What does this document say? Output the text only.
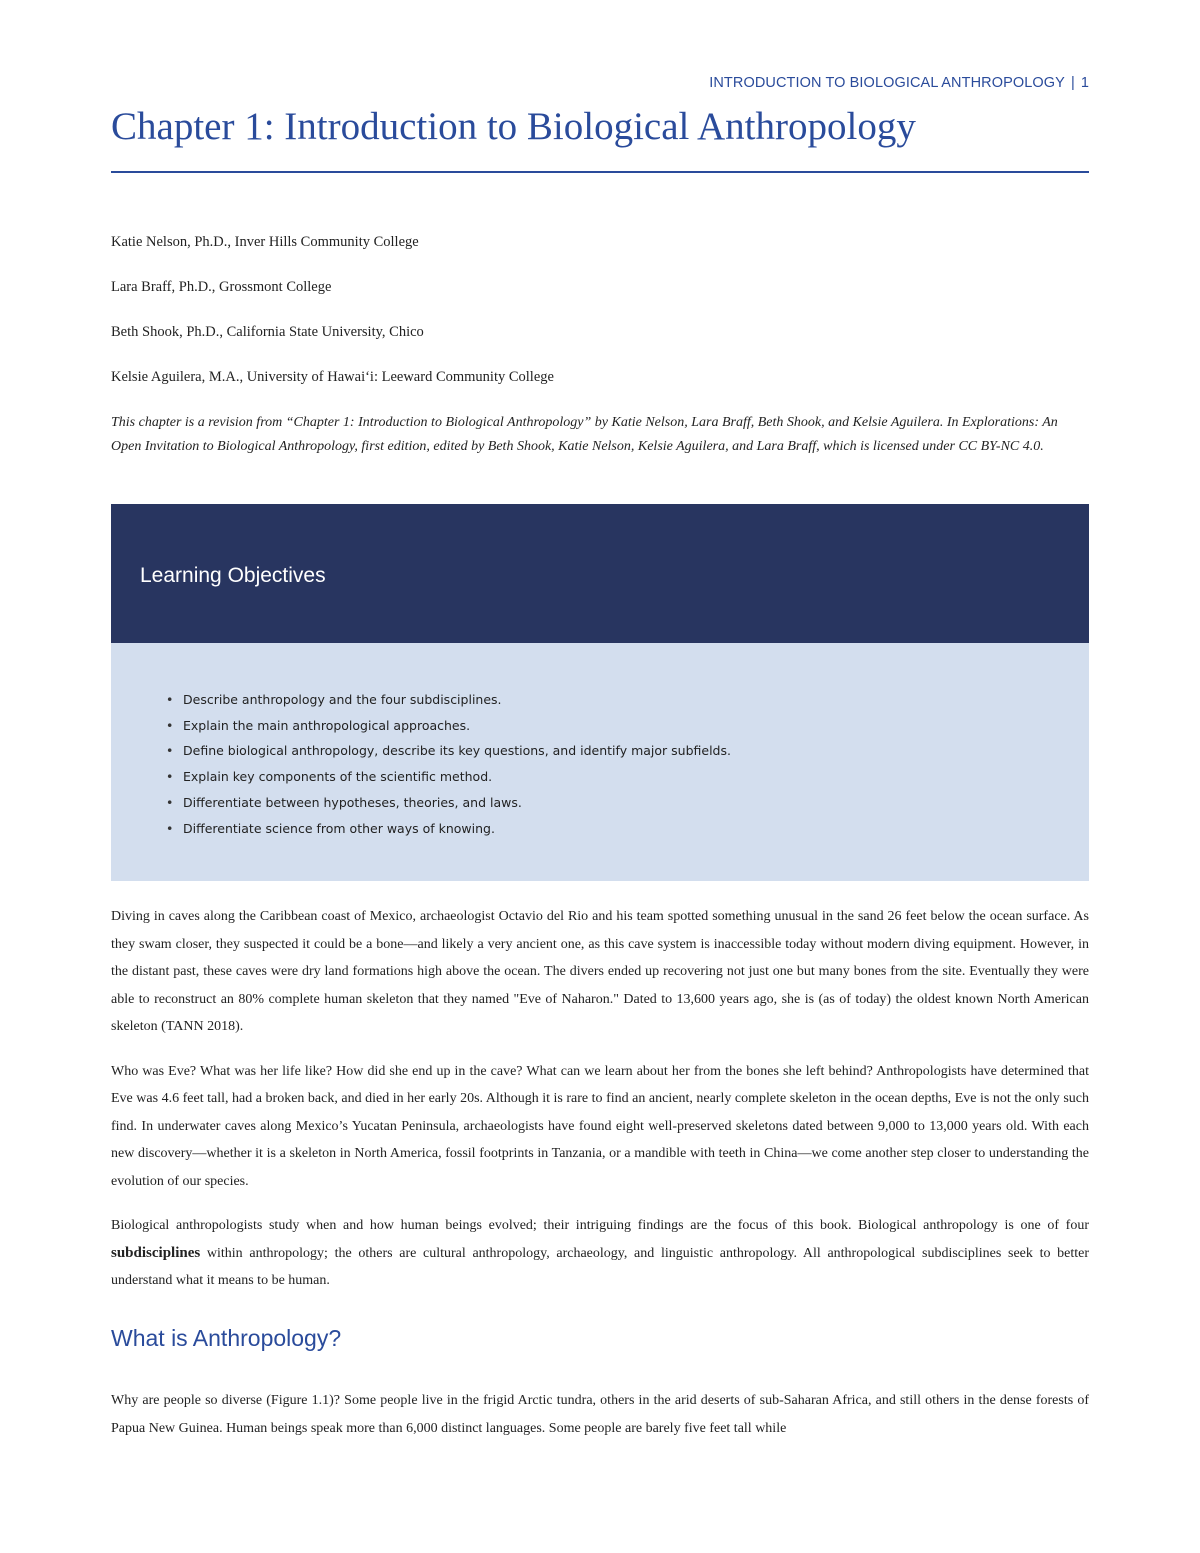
INTRODUCTION TO BIOLOGICAL ANTHROPOLOGY | 1
Chapter 1: Introduction to Biological Anthropology

Katie Nelson, Ph.D., Inver Hills Community College

Lara Braff, Ph.D., Grossmont College

Beth Shook, Ph.D., California State University, Chico

Kelsie Aguilera, M.A., University of Hawai‘i: Leeward Community College

This chapter is a revision from “Chapter 1: Introduction to Biological Anthropology” by Katie Nelson, Lara Braff, Beth Shook, and Kelsie Aguilera. In Explorations: An Open Invitation to Biological Anthropology, first edition, edited by Beth Shook, Katie Nelson, Kelsie Aguilera, and Lara Braff, which is licensed under CC BY-NC 4.0.

Learning Objectives
• Describe anthropology and the four subdisciplines.
• Explain the main anthropological approaches.
• Define biological anthropology, describe its key questions, and identify major subfields.
• Explain key components of the scientific method.
• Differentiate between hypotheses, theories, and laws.
• Differentiate science from other ways of knowing.

Diving in caves along the Caribbean coast of Mexico, archaeologist Octavio del Rio and his team spotted something unusual in the sand 26 feet below the ocean surface. As they swam closer, they suspected it could be a bone—and likely a very ancient one, as this cave system is inaccessible today without modern diving equipment. However, in the distant past, these caves were dry land formations high above the ocean. The divers ended up recovering not just one but many bones from the site. Eventually they were able to reconstruct an 80% complete human skeleton that they named "Eve of Naharon." Dated to 13,600 years ago, she is (as of today) the oldest known North American skeleton (TANN 2018).

Who was Eve? What was her life like? How did she end up in the cave? What can we learn about her from the bones she left behind? Anthropologists have determined that Eve was 4.6 feet tall, had a broken back, and died in her early 20s. Although it is rare to find an ancient, nearly complete skeleton in the ocean depths, Eve is not the only such find. In underwater caves along Mexico’s Yucatan Peninsula, archaeologists have found eight well-preserved skeletons dated between 9,000 to 13,000 years old. With each new discovery—whether it is a skeleton in North America, fossil footprints in Tanzania, or a mandible with teeth in China—we come another step closer to understanding the evolution of our species.

Biological anthropologists study when and how human beings evolved; their intriguing findings are the focus of this book. Biological anthropology is one of four subdisciplines within anthropology; the others are cultural anthropology, archaeology, and linguistic anthropology. All anthropological subdisciplines seek to better understand what it means to be human.

What is Anthropology?

Why are people so diverse (Figure 1.1)? Some people live in the frigid Arctic tundra, others in the arid deserts of sub-Saharan Africa, and still others in the dense forests of Papua New Guinea. Human beings speak more than 6,000 distinct languages. Some people are barely five feet tall while
